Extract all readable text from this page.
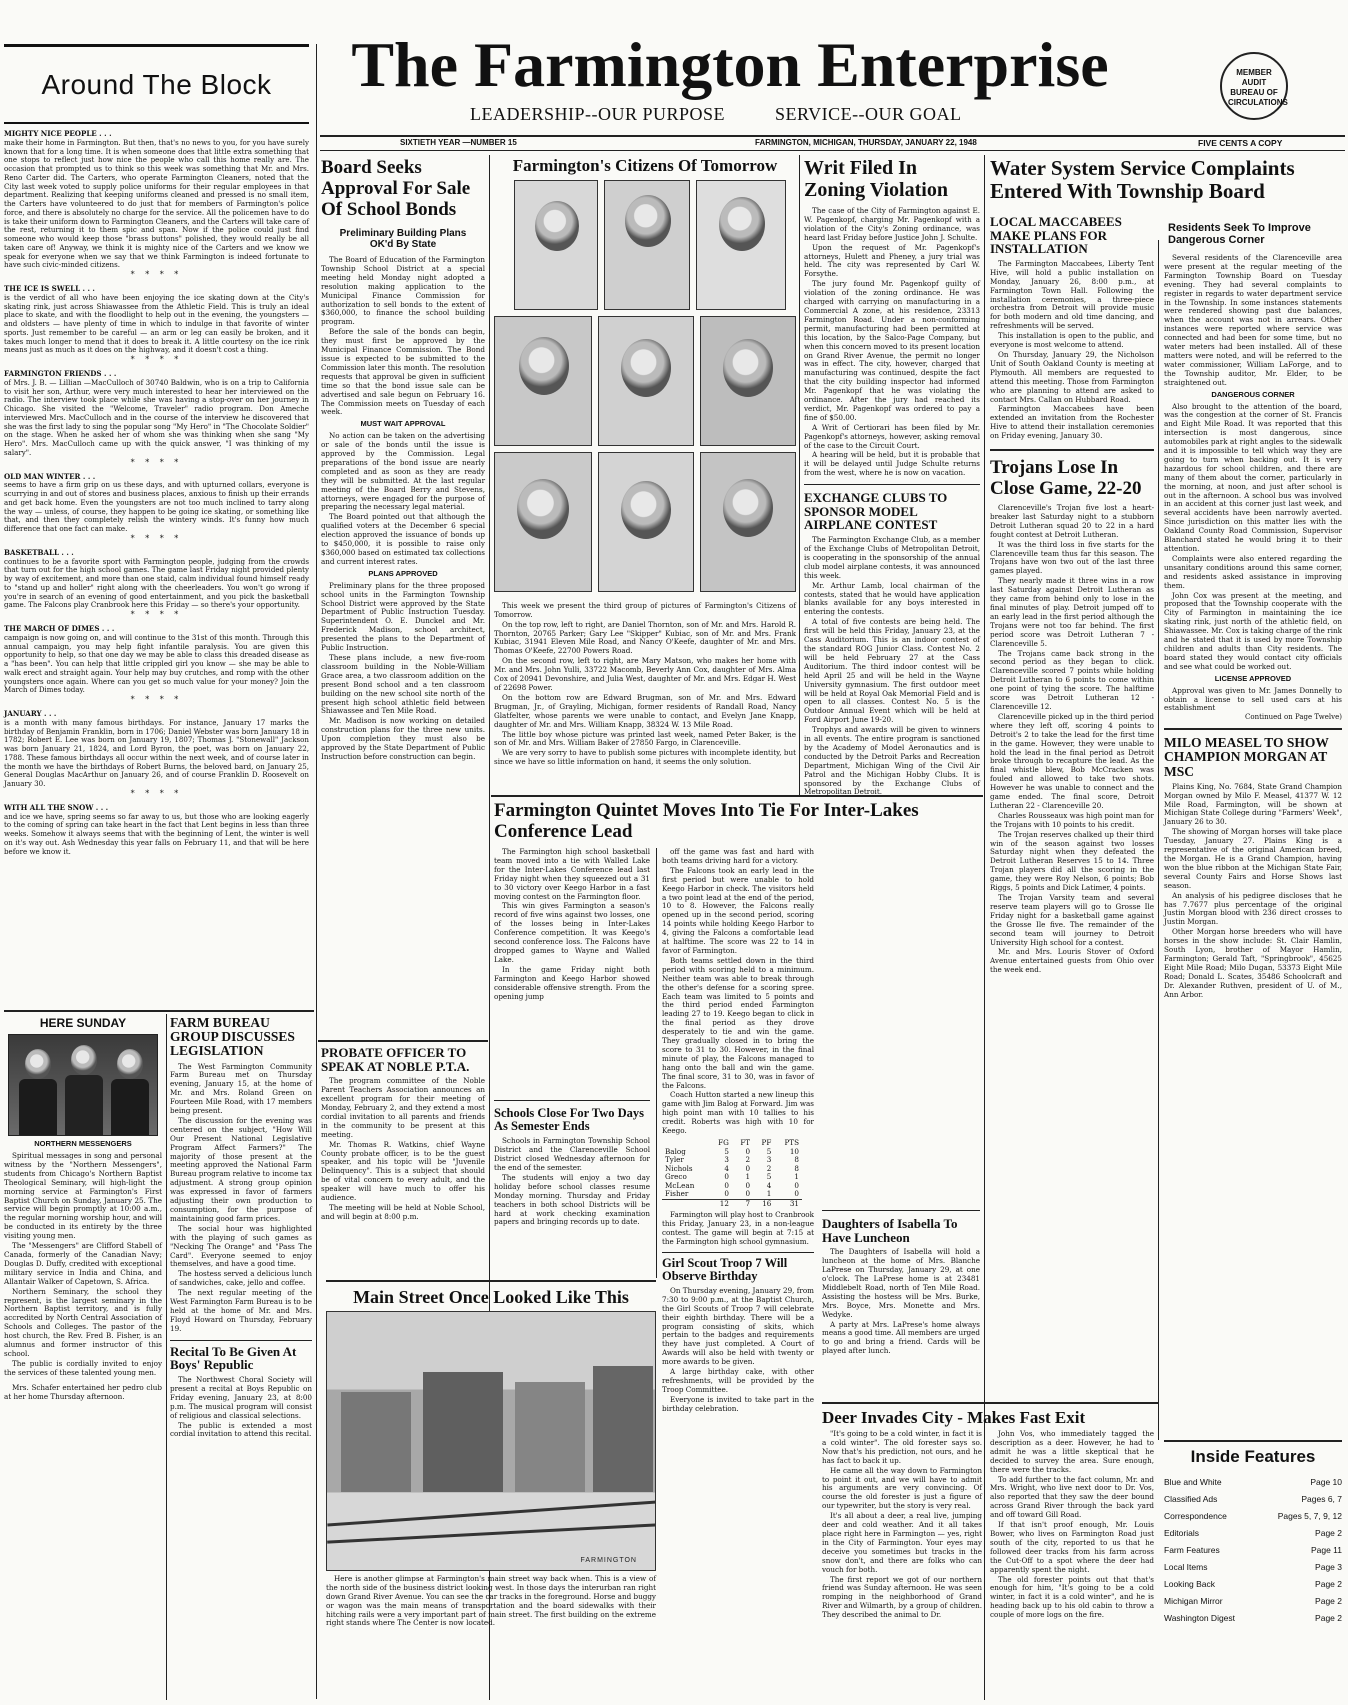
Around The Block	The Farmington Enterprise
LEADERSHIP--OUR PURPOSE	SERVICE--OUR GOAL
MEMBER AUDIT BUREAU OF CIRCULATIONS
SIXTIETH YEAR —NUMBER 15	FARMINGTON, MICHIGAN, THURSDAY, JANUARY 22, 1948	FIVE CENTS A COPY
MIGHTY NICE PEOPLE . . .
make their home in Farmington. But then, that's no news to you, for you have surely known that for a long time. It is when someone does that little extra something that one stops to reflect just how nice the people who call this home really are. The occasion that prompted us to think so this week was something that Mr. and Mrs. Reno Carter did. The Carters, who operate Farmington Cleaners, noted that the City last week voted to supply police uniforms for their regular employees in that department. Realizing that keeping uniforms cleaned and pressed is no small item, the Carters have volunteered to do just that for members of Farmington's police force, and there is absolutely no charge for the service. All the policemen have to do is take their uniform down to Farmington Cleaners, and the Carters will take care of the rest, returning it to them spic and span. Now if the police could just find someone who would keep those "brass buttons" polished, they would really be all taken care of! Anyway, we think it is mighty nice of the Carters and we know we speak for everyone when we say that we think Farmington is indeed fortunate to have such civic-minded citizens.
* * * *
THE ICE IS SWELL . . .
is the verdict of all who have been enjoying the ice skating down at the City's skating rink, just across Shiawassee from the Athletic Field. This is truly an ideal place to skate, and with the floodlight to help out in the evening, the youngsters — and oldsters — have plenty of time in which to indulge in that favorite of winter sports. Just remember to be careful — an arm or leg can easily be broken, and it takes much longer to mend that it does to break it. A little courtesy on the ice rink means just as much as it does on the highway, and it doesn't cost a thing.
* * * *
FARMINGTON FRIENDS . . .
of Mrs. J. B. — Lillian —MacCulloch of 30740 Baldwin, who is on a trip to California to visit her son, Arthur, were very much interested to hear her interviewed on the radio. The interview took place while she was having a stop-over on her journey in Chicago. She visited the "Welcome, Traveler" radio program. Don Ameche interviewed Mrs. MacCulloch and in the course of the interview he discovered that she was the first lady to sing the popular song "My Hero" in "The Chocolate Soldier" on the stage. When he asked her of whom she was thinking when she sang "My Hero". Mrs. MacCulloch came up with the quick answer, "I was thinking of my salary".
* * * *
OLD MAN WINTER . . .
seems to have a firm grip on us these days, and with upturned collars, everyone is scurrying in and out of stores and business places, anxious to finish up their errands and get back home. Even the youngsters are not too much inclined to tarry along the way — unless, of course, they happen to be going ice skating, or something like that, and then they completely relish the wintery winds. It's funny how much difference that one fact can make.
* * * *
BASKETBALL . . .
continues to be a favorite sport with Farmington people, judging from the crowds that turn out for the high school games. The game last Friday night provided plenty by way of excitement, and more than one staid, calm individual found himself ready to "stand up and holler" right along with the cheerleaders. You won't go wrong if you're in search of an evening of good entertainment, and you pick the basketball game. The Falcons play Cranbrook here this Friday — so there's your opportunity.
* * * *
THE MARCH OF DIMES . . .
campaign is now going on, and will continue to the 31st of this month. Through this annual campaign, you may help fight infantile paralysis. You are given this opportunity to help, so that one day we may be able to class this dreaded disease as a "has been". You can help that little crippled girl you know — she may be able to walk erect and straight again. Your help may buy crutches, and romp with the other youngsters once again. Where can you get so much value for your money? Join the March of Dimes today.
* * * *
JANUARY . . .
is a month with many famous birthdays. For instance, January 17 marks the birthday of Benjamin Franklin, born in 1706; Daniel Webster was born January 18 in 1782; Robert E. Lee was born on January 19, 1807; Thomas J. "Stonewall" Jackson was born January 21, 1824, and Lord Byron, the poet, was born on January 22, 1788. These famous birthdays all occur within the next week, and of course later in the month we have the birthdays of Robert Burns, the beloved bard, on January 25, General Douglas MacArthur on January 26, and of course Franklin D. Roosevelt on January 30.
* * * *
WITH ALL THE SNOW . . .
and ice we have, spring seems so far away to us, but those who are looking eagerly to the coming of spring can take heart in the fact that Lent begins in less than three weeks. Somehow it always seems that with the beginning of Lent, the winter is well on it's way out. Ash Wednesday this year falls on February 11, and that will be here before we know it.
HERE SUNDAY
NORTHERN MESSENGERS

Spiritual messages in song and personal witness by the "Northern Messengers", students from Chicago's Northern Baptist Theological Seminary, will high-light the morning service at Farmington's First Baptist Church on Sunday, January 25. The service will begin promptly at 10:00 a.m., the regular morning worship hour, and will be conducted in its entirety by the three visiting young men.

The "Messengers" are Clifford Stabell of Canada, formerly of the Canadian Navy; Douglas D. Duffy, credited with exceptional military service in India and China, and Allantair Walker of Capetown, S. Africa.

Northern Seminary, the school they represent, is the largest seminary in the Northern Baptist territory, and is fully accredited by North Central Association of Schools and Colleges. The pastor of the host church, the Rev. Fred B. Fisher, is an alumnus and former instructor of this school.

The public is cordially invited to enjoy the services of these talented young men.

Mrs. Schafer entertained her pedro club at her home Thursday afternoon.

FARM BUREAU GROUP DISCUSSES LEGISLATION

The West Farmington Community Farm Bureau met on Thursday evening, January 15, at the home of Mr. and Mrs. Roland Green on Fourteen Mile Road, with 17 members being present.

The discussion for the evening was centered on the subject, "How Will Our Present National Legislative Program Affect Farmers?" The majority of those present at the meeting approved the National Farm Bureau program relative to income tax adjustment. A strong group opinion was expressed in favor of farmers adjusting their own production to consumption, for the purpose of maintaining good farm prices.

The social hour was highlighted with the playing of such games as "Necking The Orange" and "Pass The Card". Everyone seemed to enjoy themselves, and have a good time.

The hostess served a delicious lunch of sandwiches, cake, jello and coffee.

The next regular meeting of the West Farmington Farm Bureau is to be held at the home of Mr. and Mrs. Floyd Howard on Thursday, February 19.

Recital To Be Given At Boys' Republic

The Northwest Choral Society will present a recital at Boys Republic on Friday evening, January 23, at 8:00 p.m. The musical program will consist of religious and classical selections.

The public is extended a most cordial invitation to attend this recital.

Board Seeks Approval For Sale Of School Bonds
Preliminary Building Plans OK'd By State

The Board of Education of the Farmington Township School District at a special meeting held Monday night adopted a resolution making application to the Municipal Finance Commission for authorization to sell bonds to the extent of $360,000, to finance the school building program.

Before the sale of the bonds can begin, they must first be approved by the Municipal Finance Commission. The Bond issue is expected to be submitted to the Commission later this month. The resolution requests that approval be given in sufficient time so that the bond issue sale can be advertised and sale begun on February 16. The Commission meets on Tuesday of each week.

MUST WAIT APPROVAL

No action can be taken on the advertising or sale of the bonds until the issue is approved by the Commission. Legal preparations of the bond issue are nearly completed and as soon as they are ready they will be submitted. At the last regular meeting of the Board Berry and Stevens, attorneys, were engaged for the purpose of preparing the necessary legal material.

The Board pointed out that although the qualified voters at the December 6 special election approved the issuance of bonds up to $450,000, it is possible to raise only $360,000 based on estimated tax collections and current interest rates.

PLANS APPROVED

Preliminary plans for the three proposed school units in the Farmington Township School District were approved by the State Department of Public Instruction Tuesday. Superintendent O. E. Dunckel and Mr. Frederick Madison, school architect, presented the plans to the Department of Public Instruction.

These plans include, a new five-room classroom building in the Noble-William Grace area, a two classroom addition on the present Bond school and a ten classroom building on the new school site north of the present high school athletic field between Shiawassee and Ten Mile Road.

Mr. Madison is now working on detailed construction plans for the three new units. Upon completion they must also be approved by the State Department of Public Instruction before construction can begin.

PROBATE OFFICER TO SPEAK AT NOBLE P.T.A.

The program committee of the Noble Parent Teachers Association announces an excellent program for their meeting of Monday, February 2, and they extend a most cordial invitation to all parents and friends in the community to be present at this meeting.

Mr. Thomas R. Watkins, chief Wayne County probate officer, is to be the guest speaker, and his topic will be "Juvenile Delinquency". This is a subject that should be of vital concern to every adult, and the speaker will have much to offer his audience.

The meeting will be held at Noble School, and will begin at 8:00 p.m.

Farmington's Citizens Of Tomorrow

This week we present the third group of pictures of Farmington's Citizens of Tomorrow.

On the top row, left to right, are Daniel Thornton, son of Mr. and Mrs. Harold R. Thornton, 20765 Parker; Gary Lee "Skipper" Kubiac, son of Mr. and Mrs. Frank Kubiac, 31941 Eleven Mile Road, and Nancy O'Keefe, daughter of Mr. and Mrs. Thomas O'Keefe, 22700 Powers Road.

On the second row, left to right, are Mary Matson, who makes her home with Mr. and Mrs. John Yulli, 33722 Macomb, Beverly Ann Cox, daughter of Mrs. Alma Cox of 20941 Devonshire, and Julia West, daughter of Mr. and Mrs. Edgar H. West of 22698 Power.

On the bottom row are Edward Brugman, son of Mr. and Mrs. Edward Brugman, Jr., of Grayling, Michigan, former residents of Randall Road, Nancy Glatfelter, whose parents we were unable to contact, and Evelyn Jane Knapp, daughter of Mr. and Mrs. William Knapp, 38324 W. 13 Mile Road.

The little boy whose picture was printed last week, named Peter Baker, is the son of Mr. and Mrs. William Baker of 27850 Fargo, in Clarenceville.

We are very sorry to have to publish some pictures with incomplete identity, but since we have so little information on hand, it seems the only solution.

Farmington Quintet Moves Into Tie For Inter-Lakes Conference Lead

The Farmington high school basketball team moved into a tie with Walled Lake for the Inter-Lakes Conference lead last Friday night when they squeezed out a 31 to 30 victory over Keego Harbor in a fast moving contest on the Farmington floor.

This win gives Farmington a season's record of five wins against two losses, one of the losses being in Inter-Lakes Conference competition. It was Keego's second conference loss. The Falcons have dropped games to Wayne and Walled Lake.

In the game Friday night both Farmington and Keego Harbor showed considerable offensive strength. From the opening jump

off the game was fast and hard with both teams driving hard for a victory.

The Falcons took an early lead in the first period but were unable to hold Keego Harbor in check. The visitors held a two point lead at the end of the period, 10 to 8. However, the Falcons really opened up in the second period, scoring 14 points while holding Keego Harbor to 4, giving the Falcons a comfortable lead at halftime. The score was 22 to 14 in favor of Farmington.

Both teams settled down in the third period with scoring held to a minimum. Neither team was able to break through the other's defense for a scoring spree. Each team was limited to 5 points and the third period ended Farmington leading 27 to 19. Keego began to click in the final period as they drove desperately to tie and win the game. They gradually closed in to bring the score to 31 to 30. However, in the final minute of play, the Falcons managed to hang onto the ball and win the game. The final score, 31 to 30, was in favor of the Falcons.

Coach Hutton started a new lineup this game with Jim Balog at Forward. Jim was high point man with 10 tallies to his credit. Roberts was high with 10 for Keego.

	FG	FT	PF	PTS
Balog	5	0	5	10
Tyler	3	2	3	8
Nichols	4	0	2	8
Greco	0	1	5	1
McLean	0	0	4	0
Fisher	0	0	1	0
	12	7	16	31

Farmington will play host to Cranbrook this Friday, January 23, in a non-league contest. The game will begin at 7:15 at the Farmington high school gymnasium.

Girl Scout Troop 7 Will Observe Birthday

On Thursday evening, January 29, from 7:30 to 9:00 p.m., at the Baptist Church, the Girl Scouts of Troop 7 will celebrate their eighth birthday. There will be a program consisting of skits, which pertain to the badges and requirements they have just completed. A Court of Awards will also be held with twenty or more awards to be given.

A large birthday cake, with other refreshments, will be provided by the Troop Committee.

Everyone is invited to take part in the birthday celebration.

Schools Close For Two Days As Semester Ends

Schools in Farmington Township School District and the Clarenceville School District closed Wednesday afternoon for the end of the semester.

The students will enjoy a two day holiday before school classes resume Monday morning. Thursday and Friday teachers in both school Districts will be hard at work checking examination papers and bringing records up to date.

Main Street Once Looked Like This
FARMINGTON

Here is another glimpse at Farmington's main street way back when. This is a view of the north side of the business district looking west. In those days the interurban ran right down Grand River Avenue. You can see the car tracks in the foreground. Horse and buggy or wagon was the main means of transportation and the board sidewalks with their hitching rails were a very important part of main street. The first building on the extreme right stands where The Center is now located.

Writ Filed In Zoning Violation

The case of the City of Farmington against E. W. Pagenkopf, charging Mr. Pagenkopf with a violation of the City's Zoning ordinance, was heard last Friday before Justice John J. Schulte.

Upon the request of Mr. Pagenkopf's attorneys, Hulett and Pheney, a jury trial was held. The city was represented by Carl W. Forsythe.

The jury found Mr. Pagenkopf guilty of violation of the zoning ordinance. He was charged with carrying on manufacturing in a Commercial A zone, at his residence, 23313 Farmington Road. Under a non-conforming permit, manufacturing had been permitted at this location, by the Salco-Page Company, but when this concern moved to its present location on Grand River Avenue, the permit no longer was in effect. The city, however, charged that manufacturing was continued, despite the fact that the city building inspector had informed Mr. Pagenkopf that he was violating the ordinance. After the jury had reached its verdict, Mr. Pagenkopf was ordered to pay a fine of $50.00.

A Writ of Certiorari has been filed by Mr. Pagenkopf's attorneys, however, asking removal of the case to the Circuit Court.

A hearing will be held, but it is probable that it will be delayed until Judge Schulte returns from the west, where he is now on vacation.

EXCHANGE CLUBS TO SPONSOR MODEL AIRPLANE CONTEST

The Farmington Exchange Club, as a member of the Exchange Clubs of Metropolitan Detroit, is cooperating in the sponsorship of the annual club model airplane contests, it was announced this week.

Mr. Arthur Lamb, local chairman of the contests, stated that he would have application blanks available for any boys interested in entering the contests.

A total of five contests are being held. The first will be held this Friday, January 23, at the Cass Auditorium. This is an indoor contest of the standard ROG Junior Class. Contest No. 2 will be held February 27 at the Cass Auditorium. The third indoor contest will be held April 25 and will be held in the Wayne University gymnasium. The first outdoor meet will be held at Royal Oak Memorial Field and is open to all classes. Contest No. 5 is the Outdoor Annual Event which will be held at Ford Airport June 19-20.

Trophys and awards will be given to winners in all events. The entire program is sanctioned by the Academy of Model Aeronautics and is conducted by the Detroit Parks and Recreation Department, Michigan Wing of the Civil Air Patrol and the Michigan Hobby Clubs. It is sponsored by the Exchange Clubs of Metropolitan Detroit.

Daughters of Isabella To Have Luncheon

The Daughters of Isabella will hold a luncheon at the home of Mrs. Blanche LaPrese on Thursday, January 29, at one o'clock. The LaPrese home is at 23481 Middlebelt Road, north of Ten Mile Road. Assisting the hostess will be Mrs. Burke, Mrs. Boyce, Mrs. Monette and Mrs. Wedyke.

A party at Mrs. LaPrese's home always means a good time. All members are urged to go and bring a friend. Cards will be played after lunch.

Deer Invades City - Makes Fast Exit

"It's going to be a cold winter, in fact it is a cold winter". The old forester says so. Now that's his prediction, not ours, and he has fact to back it up.

He came all the way down to Farmington to point it out, and we will have to admit his arguments are very convincing. Of course the old forester is just a figure of our typewriter, but the story is very real.

It's all about a deer, a real live, jumping deer and cold weather. And it all takes place right here in Farmington — yes, right in the City of Farmington. Your eyes may deceive you sometimes but tracks in the snow don't, and there are folks who can vouch for both.

The first report we got of our northern friend was Sunday afternoon. He was seen romping in the neighborhood of Grand River and Wilmarth, by a group of children. They described the animal to Dr.

John Vos, who immediately tagged the description as a deer. However, he had to admit he was a little skeptical that he decided to survey the area. Sure enough, there were the tracks.

To add further to the fact column, Mr. and Mrs. Wright, who live next door to Dr. Vos, also reported that they saw the deer bound across Grand River through the back yard and off toward Gill Road.

If that isn't proof enough, Mr. Louis Bower, who lives on Farmington Road just south of the city, reported to us that he followed deer tracks from his farm across the Cut-Off to a spot where the deer had apparently spent the night.

The old forester points out that that's enough for him, "It's going to be a cold winter, in fact it is a cold winter", and he is heading back up to his old cabin to throw a couple of more logs on the fire.

Water System Service Complaints Entered With Township Board
LOCAL MACCABEES MAKE PLANS FOR INSTALLATION

The Farmington Maccabees, Liberty Tent Hive, will hold a public installation on Monday, January 26, 8:00 p.m., at Farmington Town Hall. Following the installation ceremonies, a three-piece orchestra from Detroit will provide music for both modern and old time dancing, and refreshments will be served.

This installation is open to the public, and everyone is most welcome to attend.

On Thursday, January 29, the Nicholson Unit of South Oakland County is meeting at Plymouth. All members are requested to attend this meeting. Those from Farmington who are planning to attend are asked to contact Mrs. Callan on Hubbard Road.

Farmington Maccabees have been extended an invitation from the Rochester Hive to attend their installation ceremonies on Friday evening, January 30.

Trojans Lose In Close Game, 22-20

Clarenceville's Trojan five lost a heart-breaker last Saturday night to a stubborn Detroit Lutheran squad 20 to 22 in a hard fought contest at Detroit Lutheran.

It was the third loss in five starts for the Clarenceville team thus far this season. The Trojans have won two out of the last three games played.

They nearly made it three wins in a row last Saturday against Detroit Lutheran as they came from behind only to lose in the final minutes of play. Detroit jumped off to an early lead in the first period although the Trojans were not too far behind. The first period score was Detroit Lutheran 7 - Clarenceville 5.

The Trojans came back strong in the second period as they began to click. Clarenceville scored 7 points while holding Detroit Lutheran to 6 points to come within one point of tying the score. The halftime score was Detroit Lutheran 12 - Clarenceville 12.

Clarenceville picked up in the third period where they left off, scoring 4 points to Detroit's 2 to take the lead for the first time in the game. However, they were unable to hold the lead in the final period as Detroit broke through to recapture the lead. As the final whistle blew, Bob McCracken was fouled and allowed to take two shots. However he was unable to connect and the game ended. The final score, Detroit Lutheran 22 - Clarenceville 20.

Charles Rousseaux was high point man for the Trojans with 10 points to his credit.

The Trojan reserves chalked up their third win of the season against two losses Saturday night when they defeated the Detroit Lutheran Reserves 15 to 14. Three Trojan players did all the scoring in the game, they were Roy Nelson, 6 points; Bob Riggs, 5 points and Dick Latimer, 4 points.

The Trojan Varsity team and several reserve team players will go to Grosse Ile Friday night for a basketball game against the Grosse Ile five. The remainder of the second team will journey to Detroit University High school for a contest.

Mr. and Mrs. Louris Stover of Oxford Avenue entertained guests from Ohio over the week end.

Residents Seek To Improve Dangerous Corner

Several residents of the Clarenceville area were present at the regular meeting of the Farmington Township Board on Tuesday evening. They had several complaints to register in regards to water department service in the Township. In some instances statements were rendered showing past due balances, when the account was not in arrears. Other instances were reported where service was connected and had been for some time, but no water meters had been installed. All of these matters were noted, and will be referred to the water commissioner, William LaForge, and to the Township auditor, Mr. Elder, to be straightened out.

DANGEROUS CORNER

Also brought to the attention of the board, was the congestion at the corner of St. Francis and Eight Mile Road. It was reported that this intersection is most dangerous, since automobiles park at right angles to the sidewalk and it is impossible to tell which way they are going to turn when backing out. It is very hazardous for school children, and there are many of them about the corner, particularly in the morning, at noon, and just after school is out in the afternoon. A school bus was involved in an accident at this corner just last week, and several accidents have been narrowly averted. Since jurisdiction on this matter lies with the Oakland County Road Commission, Supervisor Blanchard stated he would bring it to their attention.

Complaints were also entered regarding the unsanitary conditions around this same corner, and residents asked assistance in improving them.

John Cox was present at the meeting, and proposed that the Township cooperate with the City of Farmington in maintaining the ice skating rink, just north of the athletic field, on Shiawassee. Mr. Cox is taking charge of the rink and he stated that it is used by more Township children and adults than City residents. The board stated they would contact city officials and see what could be worked out.

LICENSE APPROVED

Approval was given to Mr. James Donnelly to obtain a license to sell used cars at his establishment

Continued on Page Twelve)
MILO MEASEL TO SHOW CHAMPION MORGAN AT MSC

Plains King, No. 7684, State Grand Champion Morgan owned by Milo F. Measel, 41377 W. 12 Mile Road, Farmington, will be shown at Michigan State College during "Farmers' Week", January 26 to 30.

The showing of Morgan horses will take place Tuesday, January 27. Plains King is a representative of the original American breed, the Morgan. He is a Grand Champion, having won the blue ribbon at the Michigan State Fair, several County Fairs and Horse Shows last season.

An analysis of his pedigree discloses that he has 7.7677 plus percentage of the original Justin Morgan blood with 236 direct crosses to Justin Morgan.

Other Morgan horse breeders who will have horses in the show include: St. Clair Hamlin, South Lyon, brother of Mayor Hamlin, Farmington; Gerald Taft, "Springbrook", 45625 Eight Mile Road; Milo Dugan, 53373 Eight Mile Road; Donald L. Scates, 35486 Schoolcraft and Dr. Alexander Ruthven, president of U. of M., Ann Arbor.

Inside Features
Blue and White	Page 10
Classified Ads	Pages 6, 7
Correspondence	Pages 5, 7, 9, 12
Editorials	Page 2
Farm Features	Page 11
Local Items	Page 3
Looking Back	Page 2
Michigan Mirror	Page 2
Washington Digest	Page 2
